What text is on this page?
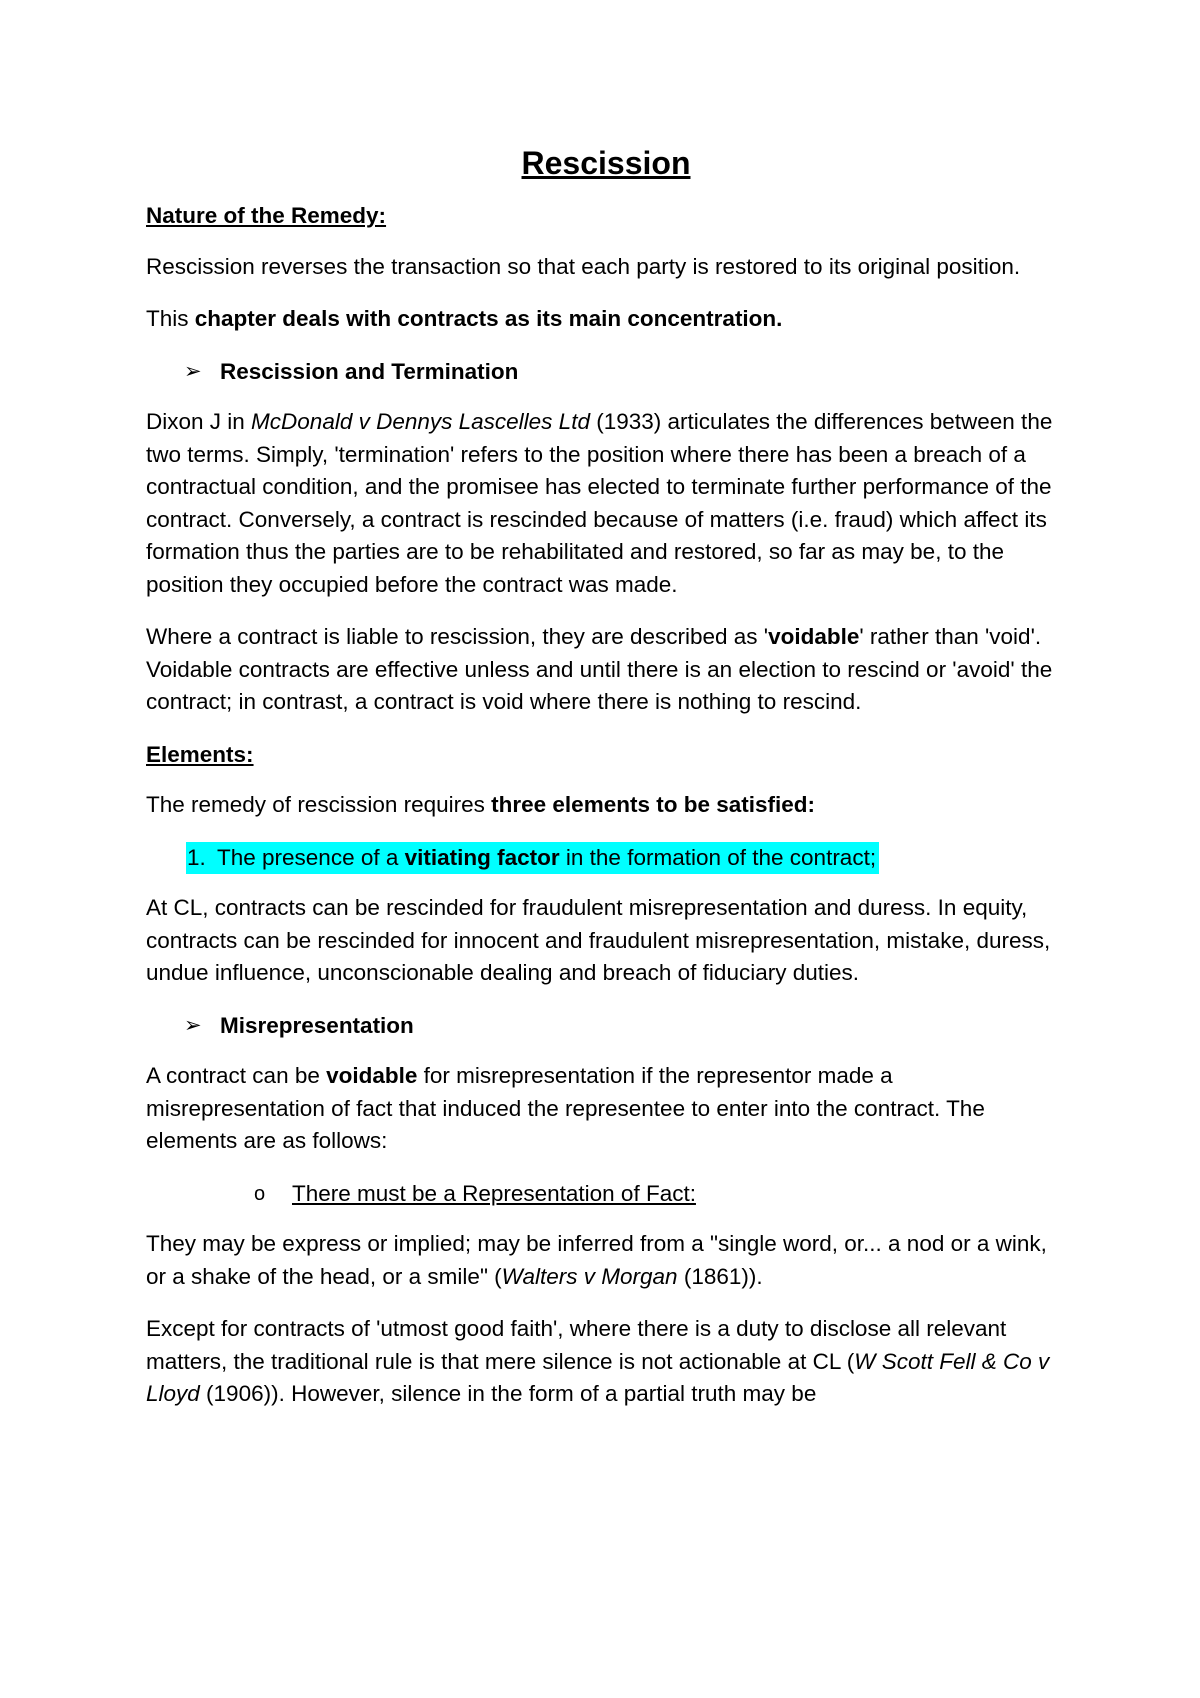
Rescission

Nature of the Remedy:

Rescission reverses the transaction so that each party is restored to its original position.

This chapter deals with contracts as its main concentration.

➢ Rescission and Termination

Dixon J in McDonald v Dennys Lascelles Ltd (1933) articulates the differences between the two terms. Simply, 'termination' refers to the position where there has been a breach of a contractual condition, and the promisee has elected to terminate further performance of the contract. Conversely, a contract is rescinded because of matters (i.e. fraud) which affect its formation thus the parties are to be rehabilitated and restored, so far as may be, to the position they occupied before the contract was made.

Where a contract is liable to rescission, they are described as 'voidable' rather than 'void'. Voidable contracts are effective unless and until there is an election to rescind or 'avoid' the contract; in contrast, a contract is void where there is nothing to rescind.

Elements:

The remedy of rescission requires three elements to be satisfied:

1. The presence of a vitiating factor in the formation of the contract;

At CL, contracts can be rescinded for fraudulent misrepresentation and duress. In equity, contracts can be rescinded for innocent and fraudulent misrepresentation, mistake, duress, undue influence, unconscionable dealing and breach of fiduciary duties.

➢ Misrepresentation

A contract can be voidable for misrepresentation if the representor made a misrepresentation of fact that induced the representee to enter into the contract. The elements are as follows:

o	There must be a Representation of Fact:

They may be express or implied; may be inferred from a "single word, or... a nod or a wink, or a shake of the head, or a smile" (Walters v Morgan (1861)).

Except for contracts of 'utmost good faith', where there is a duty to disclose all relevant matters, the traditional rule is that mere silence is not actionable at CL (W Scott Fell & Co v Lloyd (1906)). However, silence in the form of a partial truth may be
